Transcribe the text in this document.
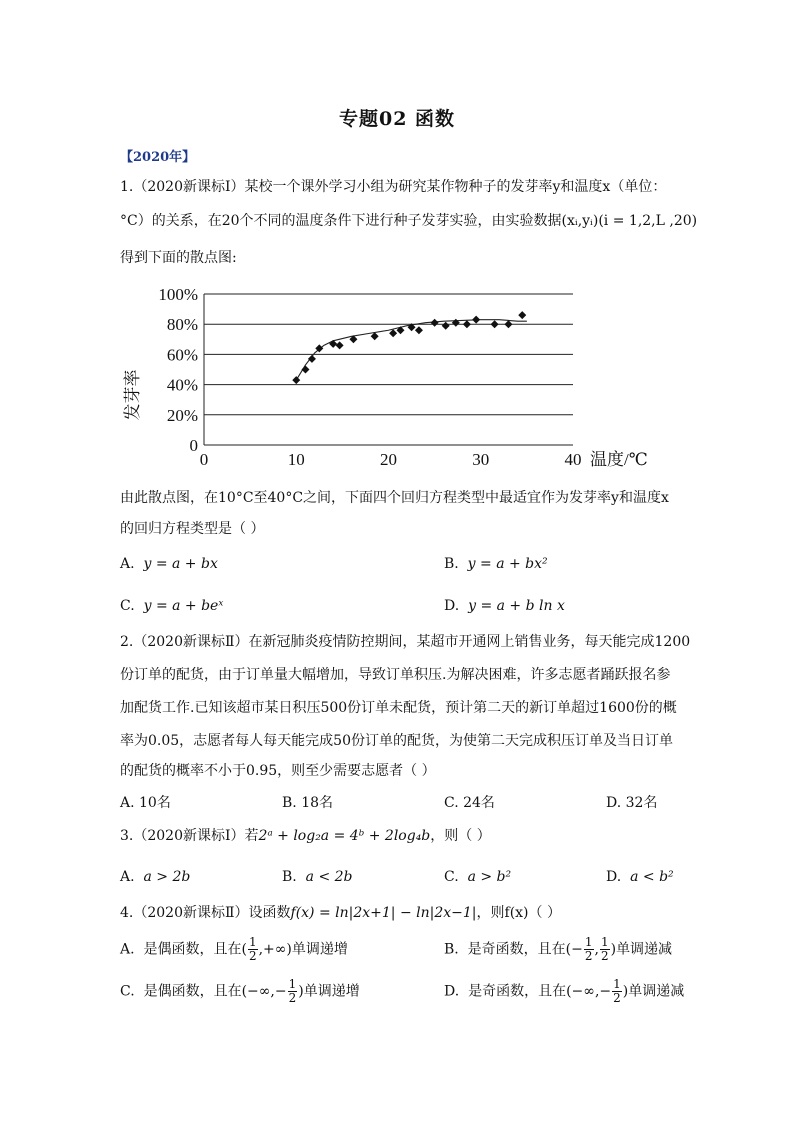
专题02 函数
【2020年】
1.（2020新课标Ⅰ）某校一个课外学习小组为研究某作物种子的发芽率y和温度x（单位：
°C）的关系，在20个不同的温度条件下进行种子发芽实验，由实验数据(xᵢ,yᵢ)(i = 1,2,L ,20)
得到下面的散点图:
0
20%
40%
60%
80%
100%
0	10	20	30	40
发芽率
温度/℃
由此散点图，在10°C至40°C之间，下面四个回归方程类型中最适宜作为发芽率y和温度x
的回归方程类型是（ ）
A. y = a + bx	B. y = a + bx²
C. y = a + beˣ	D. y = a + b ln x
2.（2020新课标Ⅱ）在新冠肺炎疫情防控期间，某超市开通网上销售业务，每天能完成1200
份订单的配货，由于订单量大幅增加，导致订单积压.为解决困难，许多志愿者踊跃报名参
加配货工作.已知该超市某日积压500份订单未配货，预计第二天的新订单超过1600份的概
率为0.05，志愿者每人每天能完成50份订单的配货，为使第二天完成积压订单及当日订单
的配货的概率不小于0.95，则至少需要志愿者（ ）
A. 10名	B. 18名	C. 24名	D. 32名
3.（2020新课标Ⅰ）若2ᵃ + log₂a = 4ᵇ + 2log₄b，则（ ）
A. a > 2b	B. a < 2b	C. a > b²	D. a < b²
4.（2020新课标Ⅱ）设函数f(x) = ln|2x+1| − ln|2x−1|，则f(x)（ ）
A. 是偶函数，且在( $\frac{1}{2}$ ,+∞)单调递增	B. 是奇函数，且在(− $\frac{1}{2}$ , $\frac{1}{2}$ )单调递减
C. 是偶函数，且在(−∞,− $\frac{1}{2}$ )单调递增	D. 是奇函数，且在(−∞,− $\frac{1}{2}$ )单调递减
